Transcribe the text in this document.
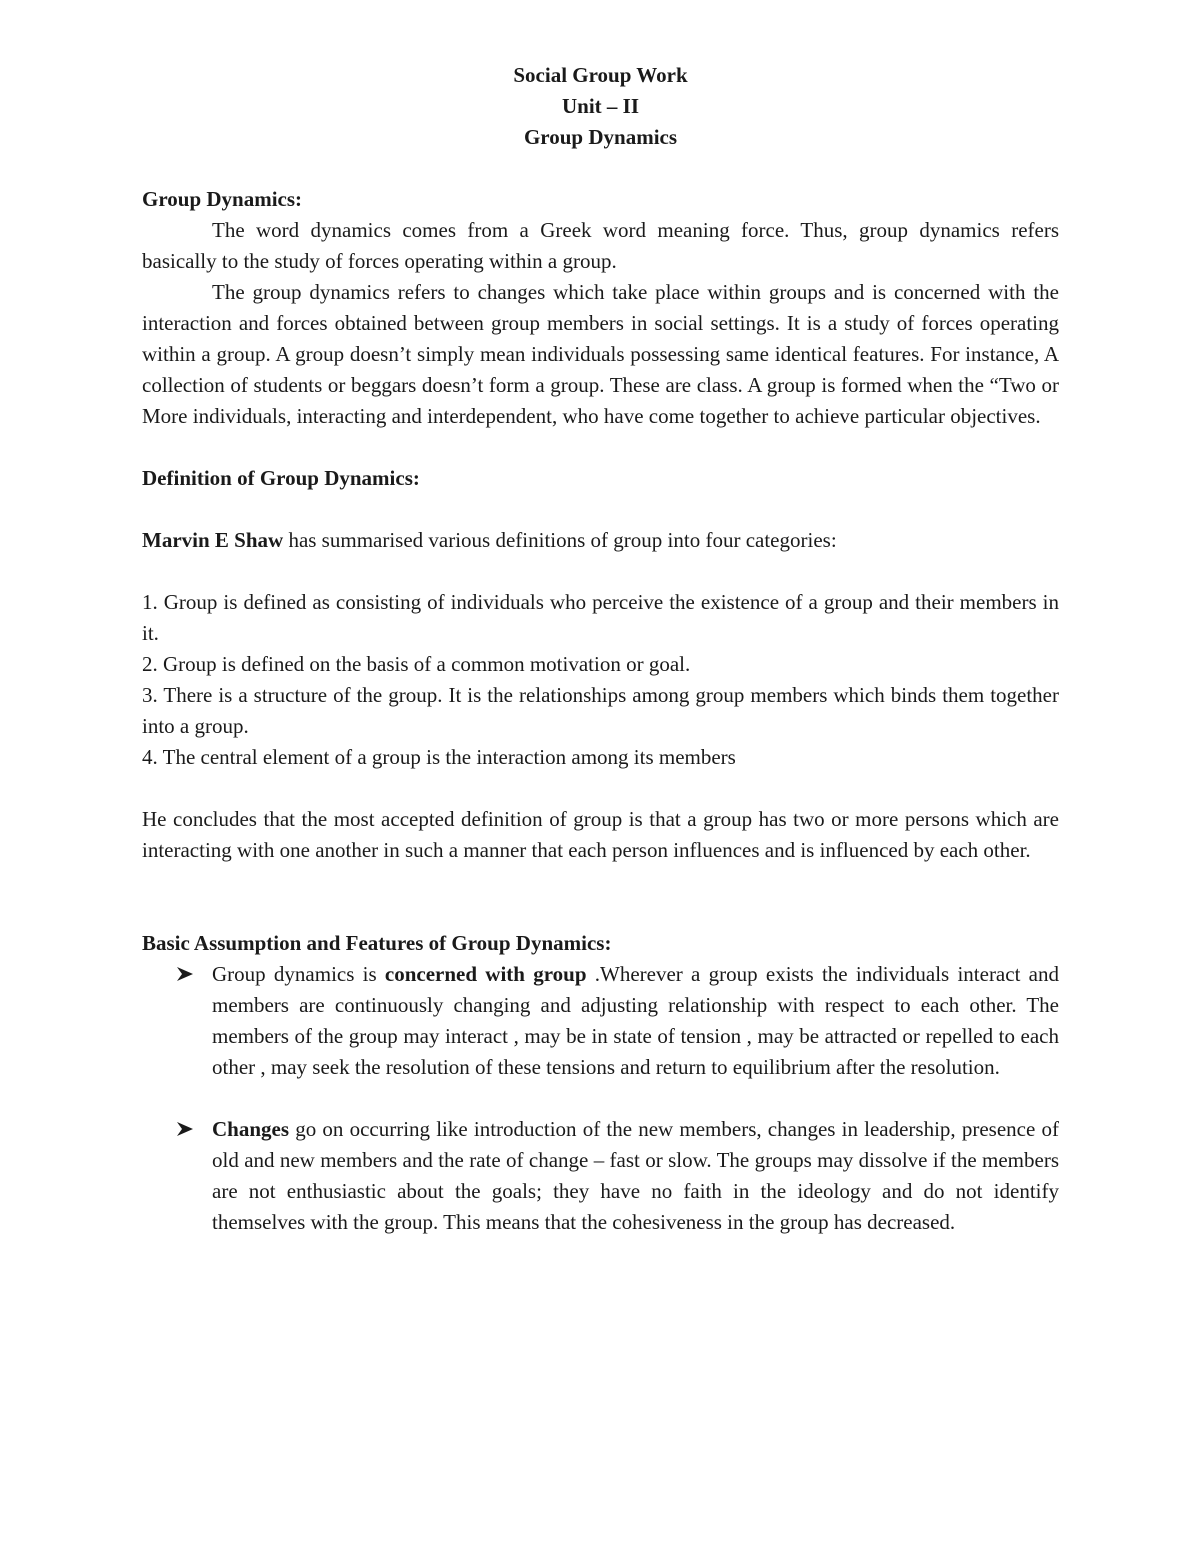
Social Group Work
Unit – II
Group Dynamics
Group Dynamics:

The word dynamics comes from a Greek word meaning force. Thus, group dynamics refers basically to the study of forces operating within a group.

The group dynamics refers to changes which take place within groups and is concerned with the interaction and forces obtained between group members in social settings. It is a study of forces operating within a group. A group doesn’t simply mean individuals possessing same identical features. For instance, A collection of students or beggars doesn’t form a group. These are class. A group is formed when the “Two or More individuals, interacting and interdependent, who have come together to achieve particular objectives.

Definition of Group Dynamics:

Marvin E Shaw has summarised various definitions of group into four categories:

1. Group is defined as consisting of individuals who perceive the existence of a group and their members in it.

2. Group is defined on the basis of a common motivation or goal.

3. There is a structure of the group. It is the relationships among group members which binds them together into a group.

4. The central element of a group is the interaction among its members

He concludes that the most accepted definition of group is that a group has two or more persons which are interacting with one another in such a manner that each person influences and is influenced by each other.

Basic Assumption and Features of Group Dynamics:
Group dynamics is concerned with group .Wherever a group exists the individuals interact and members are continuously changing and adjusting relationship with respect to each other. The members of the group may interact , may be in state of tension , may be attracted or repelled to each other , may seek the resolution of these tensions and return to equilibrium after the resolution.
Changes go on occurring like introduction of the new members, changes in leadership, presence of old and new members and the rate of change – fast or slow. The groups may dissolve if the members are not enthusiastic about the goals; they have no faith in the ideology and do not identify themselves with the group. This means that the cohesiveness in the group has decreased.
